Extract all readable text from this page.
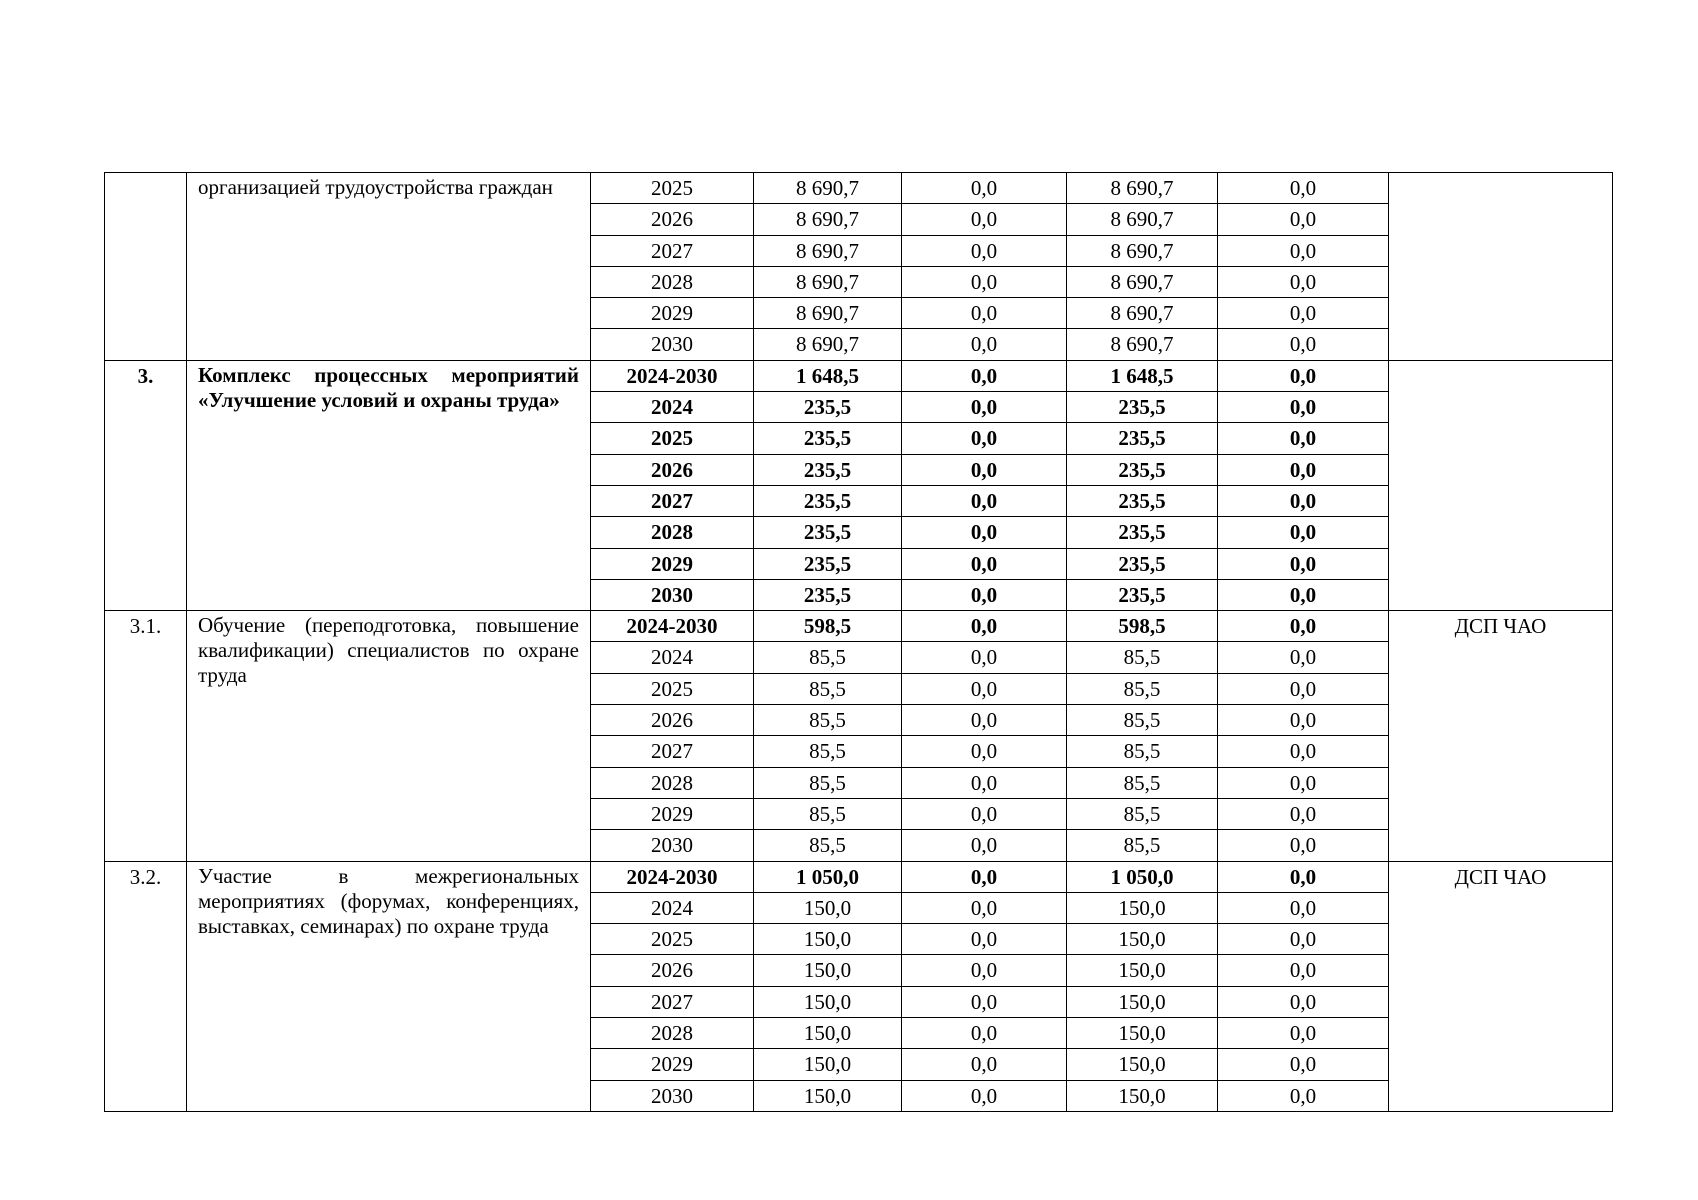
	организацией трудоустройства граждан	2025	8 690,7	0,0	8 690,7	0,0	
		2026	8 690,7	0,0	8 690,7	0,0	
		2027	8 690,7	0,0	8 690,7	0,0	
		2028	8 690,7	0,0	8 690,7	0,0	
		2029	8 690,7	0,0	8 690,7	0,0	
		2030	8 690,7	0,0	8 690,7	0,0	
3.	Комплекс процессных мероприятий «Улучшение условий и охраны труда»	2024-2030	1 648,5	0,0	1 648,5	0,0	
		2024	235,5	0,0	235,5	0,0	
		2025	235,5	0,0	235,5	0,0	
		2026	235,5	0,0	235,5	0,0	
		2027	235,5	0,0	235,5	0,0	
		2028	235,5	0,0	235,5	0,0	
		2029	235,5	0,0	235,5	0,0	
		2030	235,5	0,0	235,5	0,0	
3.1.	Обучение (переподготовка, повышение квалификации) специалистов по охране труда	2024-2030	598,5	0,0	598,5	0,0	ДСП ЧАО
		2024	85,5	0,0	85,5	0,0	
		2025	85,5	0,0	85,5	0,0	
		2026	85,5	0,0	85,5	0,0	
		2027	85,5	0,0	85,5	0,0	
		2028	85,5	0,0	85,5	0,0	
		2029	85,5	0,0	85,5	0,0	
		2030	85,5	0,0	85,5	0,0	
3.2.	Участие в межрегиональных мероприятиях (форумах, конференциях, выставках, семинарах) по охране труда	2024-2030	1 050,0	0,0	1 050,0	0,0	ДСП ЧАО
		2024	150,0	0,0	150,0	0,0	
		2025	150,0	0,0	150,0	0,0	
		2026	150,0	0,0	150,0	0,0	
		2027	150,0	0,0	150,0	0,0	
		2028	150,0	0,0	150,0	0,0	
		2029	150,0	0,0	150,0	0,0	
		2030	150,0	0,0	150,0	0,0	
